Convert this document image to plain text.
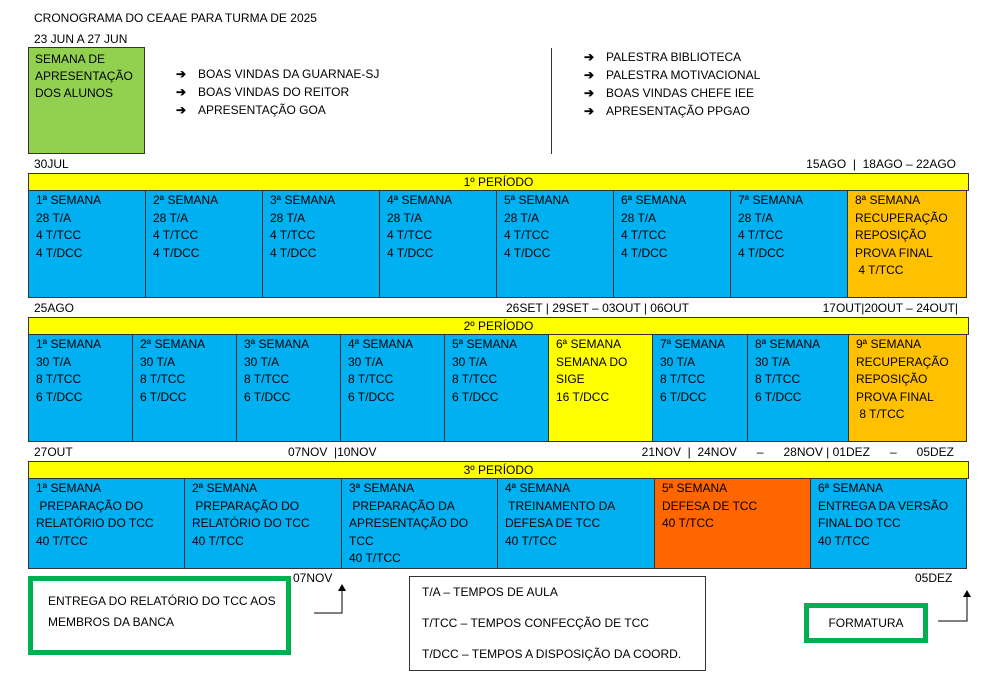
CRONOGRAMA DO CEAAE PARA TURMA DE 2025
23 JUN A 27 JUN
SEMANA DE
APRESENTAÇÃO
DOS ALUNOS
➔ BOAS VINDAS DA GUARNAE-SJ
➔ BOAS VINDAS DO REITOR
➔ APRESENTAÇÃO GOA
➔ PALESTRA BIBLIOTECA
➔ PALESTRA MOTIVACIONAL
➔ BOAS VINDAS CHEFE IEE
➔ APRESENTAÇÃO PPGAO
30JUL	15AGO  |  18AGO – 22AGO
1º PERÍODO
1ª SEMANA
28 T/A
4 T/TCC
4 T/DCC
2ª SEMANA
28 T/A
4 T/TCC
4 T/DCC
3ª SEMANA
28 T/A
4 T/TCC
4 T/DCC
4ª SEMANA
28 T/A
4 T/TCC
4 T/DCC
5ª SEMANA
28 T/A
4 T/TCC
4 T/DCC
6ª SEMANA
28 T/A
4 T/TCC
4 T/DCC
7ª SEMANA
28 T/A
4 T/TCC
4 T/DCC
8ª SEMANA
RECUPERAÇÃO
REPOSIÇÃO
PROVA FINAL
4 T/TCC
25AGO	26SET | 29SET – 03OUT | 06OUT	17OUT|20OUT – 24OUT|
2º PERÍODO
1ª SEMANA
30 T/A
8 T/TCC
6 T/DCC
2ª SEMANA
30 T/A
8 T/TCC
6 T/DCC
3ª SEMANA
30 T/A
8 T/TCC
6 T/DCC
4ª SEMANA
30 T/A
8 T/TCC
6 T/DCC
5ª SEMANA
30 T/A
8 T/TCC
6 T/DCC
6ª SEMANA
SEMANA DO
SIGE
16 T/DCC
7ª SEMANA
30 T/A
8 T/TCC
6 T/DCC
8ª SEMANA
30 T/A
8 T/TCC
6 T/DCC
9ª SEMANA
RECUPERAÇÃO
REPOSIÇÃO
PROVA FINAL
8 T/TCC
27OUT	07NOV  |10NOV	21NOV  |  24NOV      –      28NOV | 01DEZ      –      05DEZ
3º PERÍODO
1ª SEMANA
PREPARAÇÃO DO
RELATÓRIO DO TCC
40 T/TCC
2ª SEMANA
PREPARAÇÃO DO
RELATÓRIO DO TCC
40 T/TCC
3ª SEMANA
PREPARAÇÃO DA
APRESENTAÇÃO DO
TCC
40 T/TCC
4ª SEMANA
TREINAMENTO DA
DEFESA DE TCC
40 T/TCC
5ª SEMANA
DEFESA DE TCC
40 T/TCC
6ª SEMANA
ENTREGA DA VERSÃO
FINAL DO TCC
40 T/TCC
07NOV
ENTREGA DO RELATÓRIO DO TCC AOS
MEMBROS DA BANCA
T/A – TEMPOS DE AULA
T/TCC – TEMPOS CONFECÇÃO DE TCC
T/DCC – TEMPOS A DISPOSIÇÃO DA COORD.
05DEZ
FORMATURA
